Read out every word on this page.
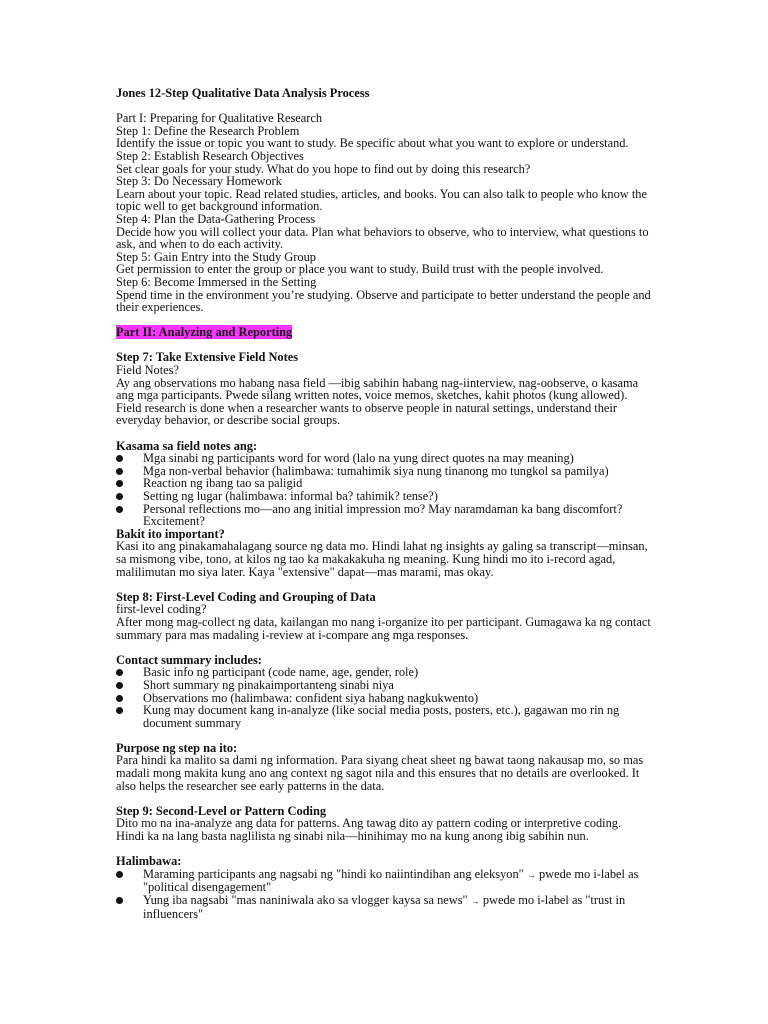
Jones 12-Step Qualitative Data Analysis Process
Part I: Preparing for Qualitative Research
Step 1: Define the Research Problem
Identify the issue or topic you want to study. Be specific about what you want to explore or understand.
Step 2: Establish Research Objectives
Set clear goals for your study. What do you hope to find out by doing this research?
Step 3: Do Necessary Homework
Learn about your topic. Read related studies, articles, and books. You can also talk to people who know the topic well to get background information.
Step 4: Plan the Data-Gathering Process
Decide how you will collect your data. Plan what behaviors to observe, who to interview, what questions to ask, and when to do each activity.
Step 5: Gain Entry into the Study Group
Get permission to enter the group or place you want to study. Build trust with the people involved.
Step 6: Become Immersed in the Setting
Spend time in the environment you’re studying. Observe and participate to better understand the people and their experiences.
Part II: Analyzing and Reporting
Step 7: Take Extensive Field Notes
Field Notes?
Ay ang observations mo habang nasa field —ibig sabihin habang nag-iinterview, nag-oobserve, o kasama ang mga participants. Pwede silang written notes, voice memos, sketches, kahit photos (kung allowed).
Field research is done when a researcher wants to observe people in natural settings, understand their everyday behavior, or describe social groups.
Kasama sa field notes ang:
Mga sinabi ng participants word for word (lalo na yung direct quotes na may meaning)
Mga non-verbal behavior (halimbawa: tumahimik siya nung tinanong mo tungkol sa pamilya)
Reaction ng ibang tao sa paligid
Setting ng lugar (halimbawa: informal ba? tahimik? tense?)
Personal reflections mo—ano ang initial impression mo? May naramdaman ka bang discomfort? Excitement?
Bakit ito important?
Kasi ito ang pinakamahalagang source ng data mo. Hindi lahat ng insights ay galing sa transcript—minsan, sa mismong vibe, tono, at kilos ng tao ka makakakuha ng meaning. Kung hindi mo ito i-record agad, malilimutan mo siya later. Kaya "extensive" dapat—mas marami, mas okay.
Step 8: First-Level Coding and Grouping of Data
first-level coding?
After mong mag-collect ng data, kailangan mo nang i-organize ito per participant. Gumagawa ka ng contact summary para mas madaling i-review at i-compare ang mga responses.
Contact summary includes:
Basic info ng participant (code name, age, gender, role)
Short summary ng pinakaimportanteng sinabi niya
Observations mo (halimbawa: confident siya habang nagkukwento)
Kung may document kang in-analyze (like social media posts, posters, etc.), gagawan mo rin ng document summary
Purpose ng step na ito:
Para hindi ka malito sa dami ng information. Para siyang cheat sheet ng bawat taong nakausap mo, so mas madali mong makita kung ano ang context ng sagot nila and this ensures that no details are overlooked. It also helps the researcher see early patterns in the data.
Step 9: Second-Level or Pattern Coding
Dito mo na ina-analyze ang data for patterns. Ang tawag dito ay pattern coding or interpretive coding. Hindi ka na lang basta naglilista ng sinabi nila—hinihimay mo na kung anong ibig sabihin nun.
Halimbawa:
Maraming participants ang nagsabi ng "hindi ko naiintindihan ang eleksyon" → pwede mo i-label as "political disengagement"
Yung iba nagsabi "mas naniniwala ako sa vlogger kaysa sa news" → pwede mo i-label as "trust in influencers"
